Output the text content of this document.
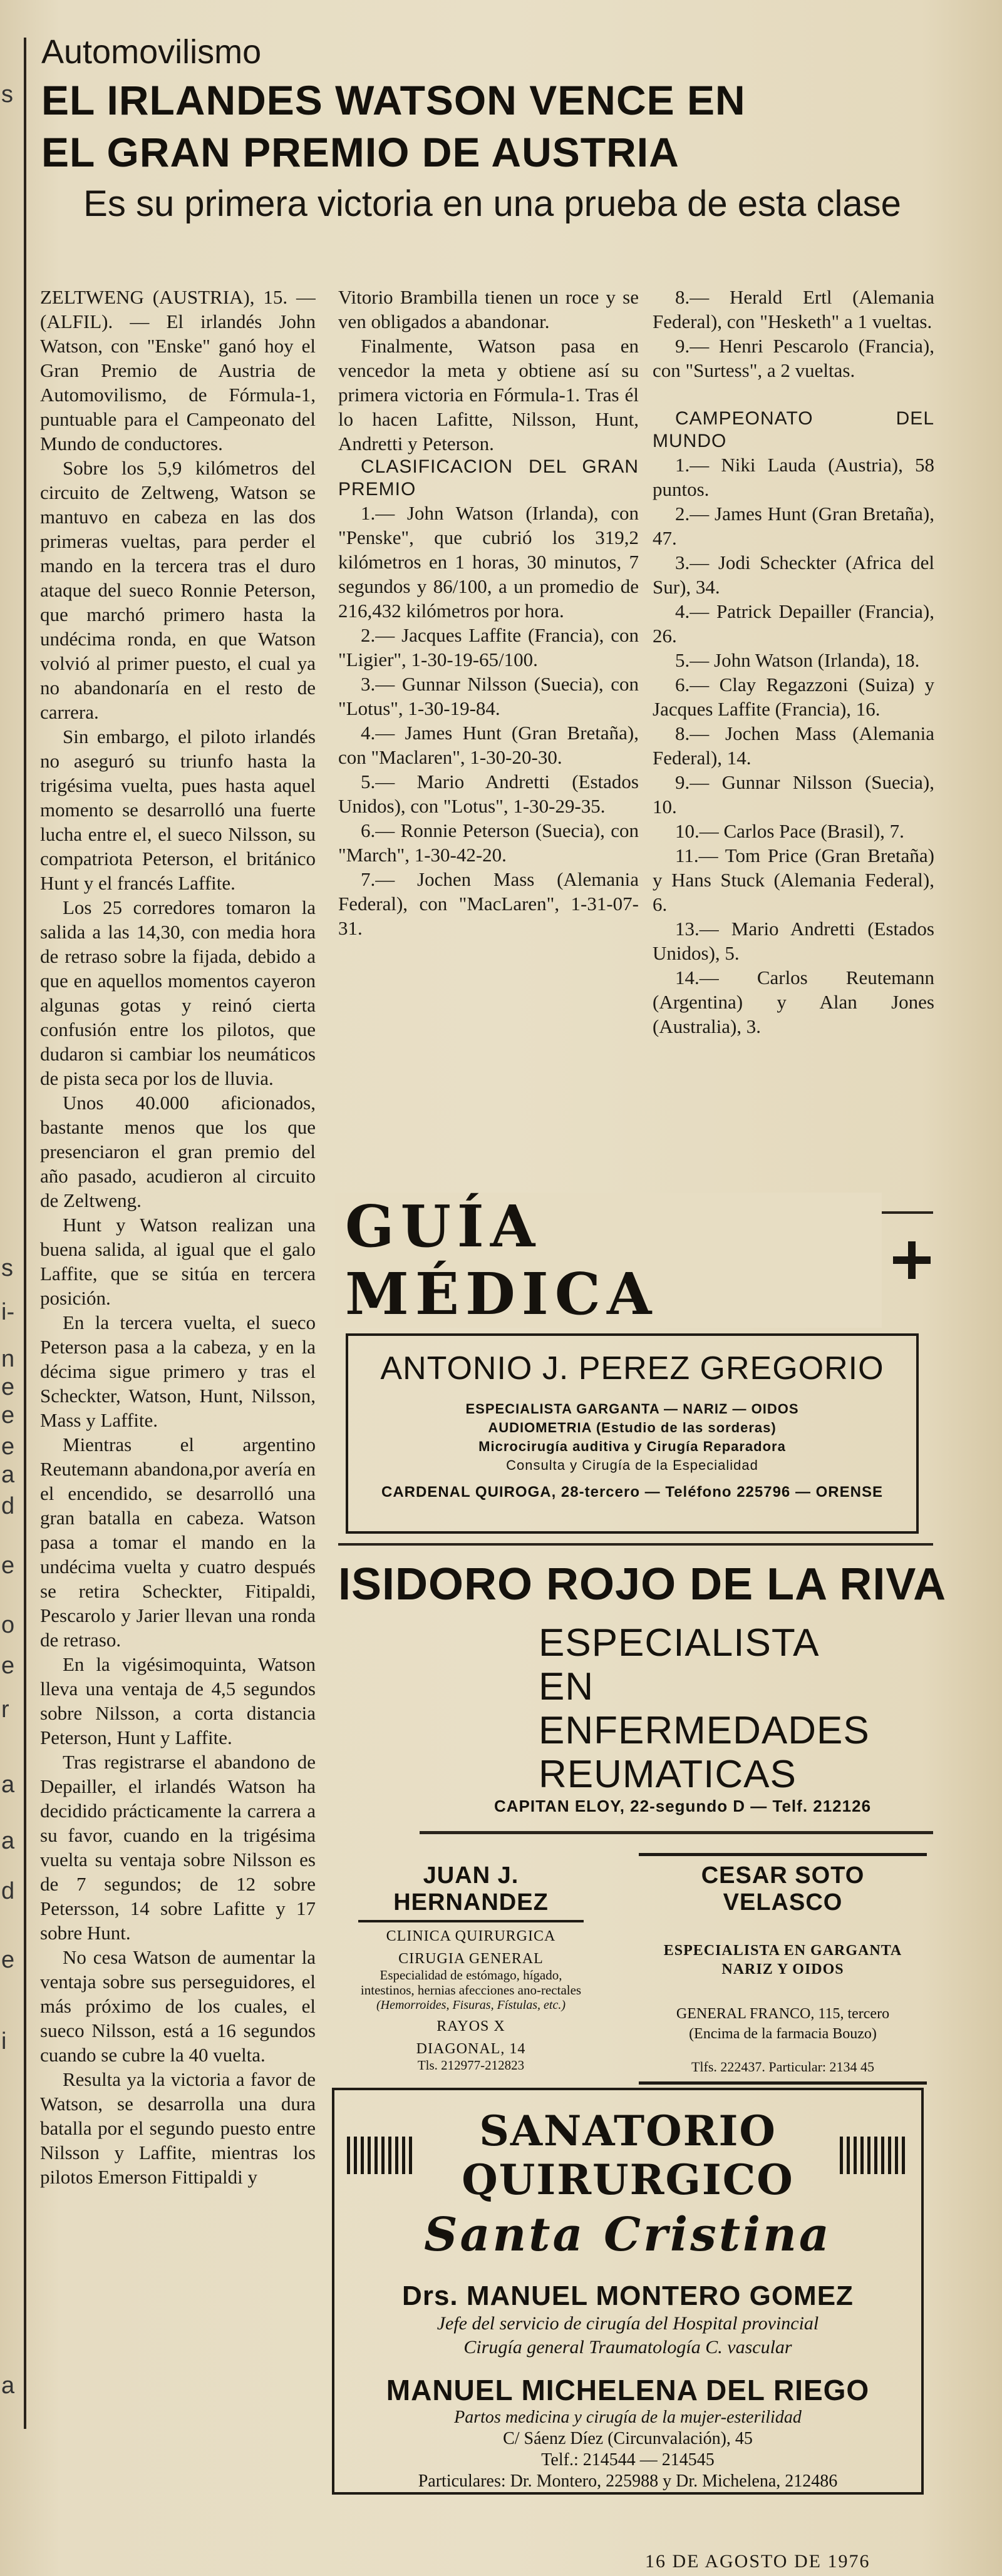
s
s
i-
n
e
e
e
a
d
e
o
e
r
a
a
d
e
i
a
Automovilismo
EL IRLANDES WATSON VENCE EN
EL GRAN PREMIO DE AUSTRIA
Es su primera victoria en una prueba de esta clase

ZELTWENG (AUSTRIA), 15. — (ALFIL). — El irlandés John Watson, con "Enske" ganó hoy el Gran Premio de Austria de Automovilismo, de Fórmula-1, puntuable para el Campeonato del Mundo de conductores.

Sobre los 5,9 kilómetros del circuito de Zeltweng, Watson se mantuvo en cabeza en las dos primeras vueltas, para perder el mando en la tercera tras el duro ataque del sueco Ronnie Peterson, que marchó primero hasta la undécima ronda, en que Watson volvió al primer puesto, el cual ya no abandonaría en el resto de carrera.

Sin embargo, el piloto irlandés no aseguró su triunfo hasta la trigésima vuelta, pues hasta aquel momento se desarrolló una fuerte lucha entre el, el sueco Nilsson, su compatriota Peterson, el británico Hunt y el francés Laffite.

Los 25 corredores tomaron la salida a las 14,30, con media hora de retraso sobre la fijada, debido a que en aquellos momentos cayeron algunas gotas y reinó cierta confusión entre los pilotos, que dudaron si cambiar los neumáticos de pista seca por los de lluvia.

Unos 40.000 aficionados, bastante menos que los que presenciaron el gran premio del año pasado, acudieron al circuito de Zeltweng.

Hunt y Watson realizan una buena salida, al igual que el galo Laffite, que se sitúa en tercera posición.

En la tercera vuelta, el sueco Peterson pasa a la cabeza, y en la décima sigue primero y tras el Scheckter, Watson, Hunt, Nilsson, Mass y Laffite.

Mientras el argentino Reutemann abandona,por avería en el encendido, se desarrolló una gran batalla en cabeza. Watson pasa a tomar el mando en la undécima vuelta y cuatro después se retira Scheckter, Fitipaldi, Pescarolo y Jarier llevan una ronda de retraso.

En la vigésimoquinta, Watson lleva una ventaja de 4,5 segundos sobre Nilsson, a corta distancia Peterson, Hunt y Laffite.

Tras registrarse el abandono de Depailler, el irlandés Watson ha decidido prácticamente la carrera a su favor, cuando en la trigésima vuelta su ventaja sobre Nilsson es de 7 segundos; de 12 sobre Petersson, 14 sobre Lafitte y 17 sobre Hunt.

No cesa Watson de aumentar la ventaja sobre sus perseguidores, el más próximo de los cuales, el sueco Nilsson, está a 16 segundos cuando se cubre la 40 vuelta.

Resulta ya la victoria a favor de Watson, se desarrolla una dura batalla por el segundo puesto entre Nilsson y Laffite, mientras los pilotos Emerson Fittipaldi y

Vitorio Brambilla tienen un roce y se ven obligados a abandonar.

Finalmente, Watson pasa en vencedor la meta y obtiene así su primera victoria en Fórmula-1. Tras él lo hacen Lafitte, Nilsson, Hunt, Andretti y Peterson.

CLASIFICACION DEL GRAN PREMIO

1.— John Watson (Irlanda), con "Penske", que cubrió los 319,2 kilómetros en 1 horas, 30 minutos, 7 segundos y 86/100, a un promedio de 216,432 kilómetros por hora.

2.— Jacques Laffite (Francia), con "Ligier", 1-30-19-65/100.

3.— Gunnar Nilsson (Suecia), con "Lotus", 1-30-19-84.

4.— James Hunt (Gran Bretaña), con "Maclaren", 1-30-20-30.

5.— Mario Andretti (Estados Unidos), con "Lotus", 1-30-29-35.

6.— Ronnie Peterson (Suecia), con "March", 1-30-42-20.

7.— Jochen Mass (Alemania Federal), con "MacLaren", 1-31-07-31.

8.— Herald Ertl (Alemania Federal), con "Hesketh" a 1 vueltas.

9.— Henri Pescarolo (Francia), con "Surtess", a 2 vueltas.

CAMPEONATO DEL MUNDO

1.— Niki Lauda (Austria), 58 puntos.

2.— James Hunt (Gran Bretaña), 47.

3.— Jodi Scheckter (Africa del Sur), 34.

4.— Patrick Depailler (Francia), 26.

5.— John Watson (Irlanda), 18.

6.— Clay Regazzoni (Suiza) y Jacques Laffite (Francia), 16.

8.— Jochen Mass (Alemania Federal), 14.

9.— Gunnar Nilsson (Suecia), 10.

10.— Carlos Pace (Brasil), 7.

11.— Tom Price (Gran Bretaña) y Hans Stuck (Alemania Federal), 6.

13.— Mario Andretti (Estados Unidos), 5.

14.— Carlos Reutemann (Argentina) y Alan Jones (Australia), 3.

GUÍA MÉDICA
ANTONIO J. PEREZ GREGORIO
ESPECIALISTA GARGANTA — NARIZ — OIDOS
AUDIOMETRIA (Estudio de las sorderas)
Microcirugía auditiva y Cirugía Reparadora
Consulta y Cirugía de la Especialidad
CARDENAL QUIROGA, 28-tercero — Teléfono 225796 — ORENSE
ISIDORO ROJO DE LA RIVA
ESPECIALISTA
EN
ENFERMEDADES
REUMATICAS
CAPITAN ELOY, 22-segundo D — Telf. 212126
JUAN J. HERNANDEZ
CLINICA QUIRURGICA
CIRUGIA GENERAL
Especialidad de estómago, hígado, intestinos, hernias afecciones ano-rectales
(Hemorroides, Fisuras, Fístulas, etc.)
RAYOS X
DIAGONAL, 14
Tls. 212977-212823
CESAR SOTO VELASCO
ESPECIALISTA EN GARGANTA NARIZ Y OIDOS
GENERAL FRANCO, 115, tercero
(Encima de la farmacia Bouzo)
Tlfs. 222437. Particular: 2134 45
SANATORIO QUIRURGICO
Santa Cristina
Drs. MANUEL MONTERO GOMEZ
Jefe del servicio de cirugía del Hospital provincial
Cirugía general Traumatología C. vascular
MANUEL MICHELENA DEL RIEGO
Partos medicina y cirugía de la mujer-esterilidad
C/ Sáenz Díez (Circunvalación), 45
Telf.: 214544 — 214545
Particulares: Dr. Montero, 225988 y Dr. Michelena, 212486
16 DE AGOSTO DE 1976
